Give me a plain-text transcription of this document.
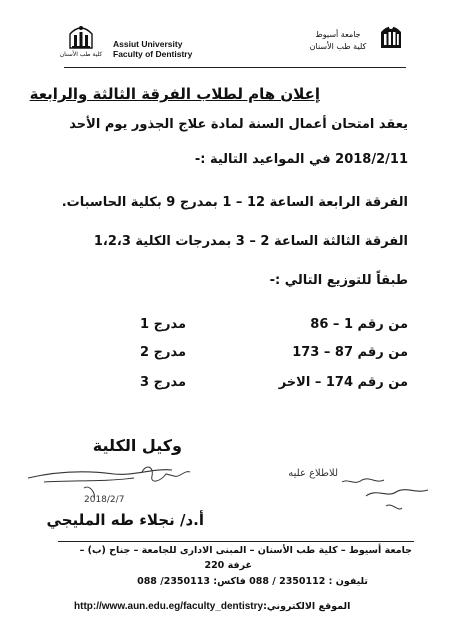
كلية طب الأسنان
Assiut University
Faculty of Dentistry
جامعة أسيوط
كلية طب الأسنان
إعلان هام لطلاب الفرقة الثالثة والرابعة
يعقد امتحان أعمال السنة لمادة علاج الجذور يوم الأحد
2018/2/11 في المواعيد التالية :-
الفرقة الرابعة الساعة 12 – 1 بمدرج 9 بكلية الحاسبات.
الفرقة الثالثة الساعة 2 – 3 بمدرجات الكلية 1،2،3
طبقاً للتوزيع التالي :-
من رقم 1 – 86
مدرج 1
من رقم 87 – 173
مدرج 2
من رقم 174 – الاخر
مدرج 3
وكيل الكلية
2018/2/7
للاطلاع عليه
أ.د/ نجلاء طه المليجي
جامعة أسيوط – كلية طب الأسنان – المبنى الادارى للجامعة – جناح (ب) –
غرفة 220
تليفون : 2350112 / 088 فاكس: 2350113/ 088
http://www.aun.edu.eg/faculty_dentistryالموقع الالكتروني:
